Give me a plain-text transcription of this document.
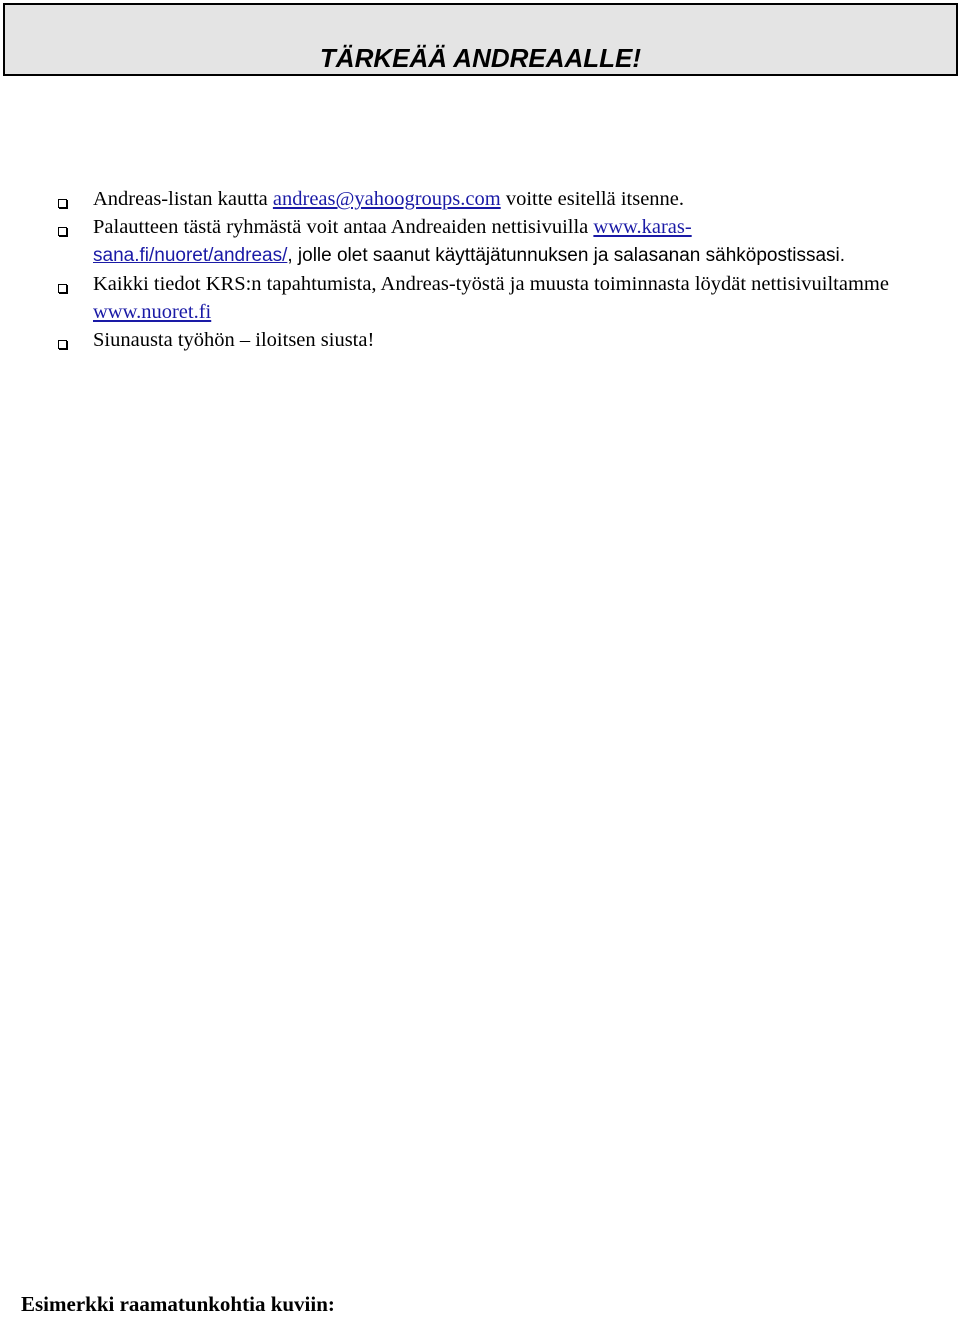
TÄRKEÄÄ ANDREAALLE!
Andreas-listan kautta andreas@yahoogroups.com voitte esitellä itsenne.
Palautteen tästä ryhmästä voit antaa Andreaiden nettisivuilla www.karas-
sana.fi/nuoret/andreas/, jolle olet saanut käyttäjätunnuksen ja salasanan sähköpostissasi.
Kaikki tiedot KRS:n tapahtumista, Andreas-työstä ja muusta toiminnasta löydät nettisivuiltamme www.nuoret.fi
Siunausta työhön – iloitsen siusta!
Esimerkki raamatunkohtia kuviin:
